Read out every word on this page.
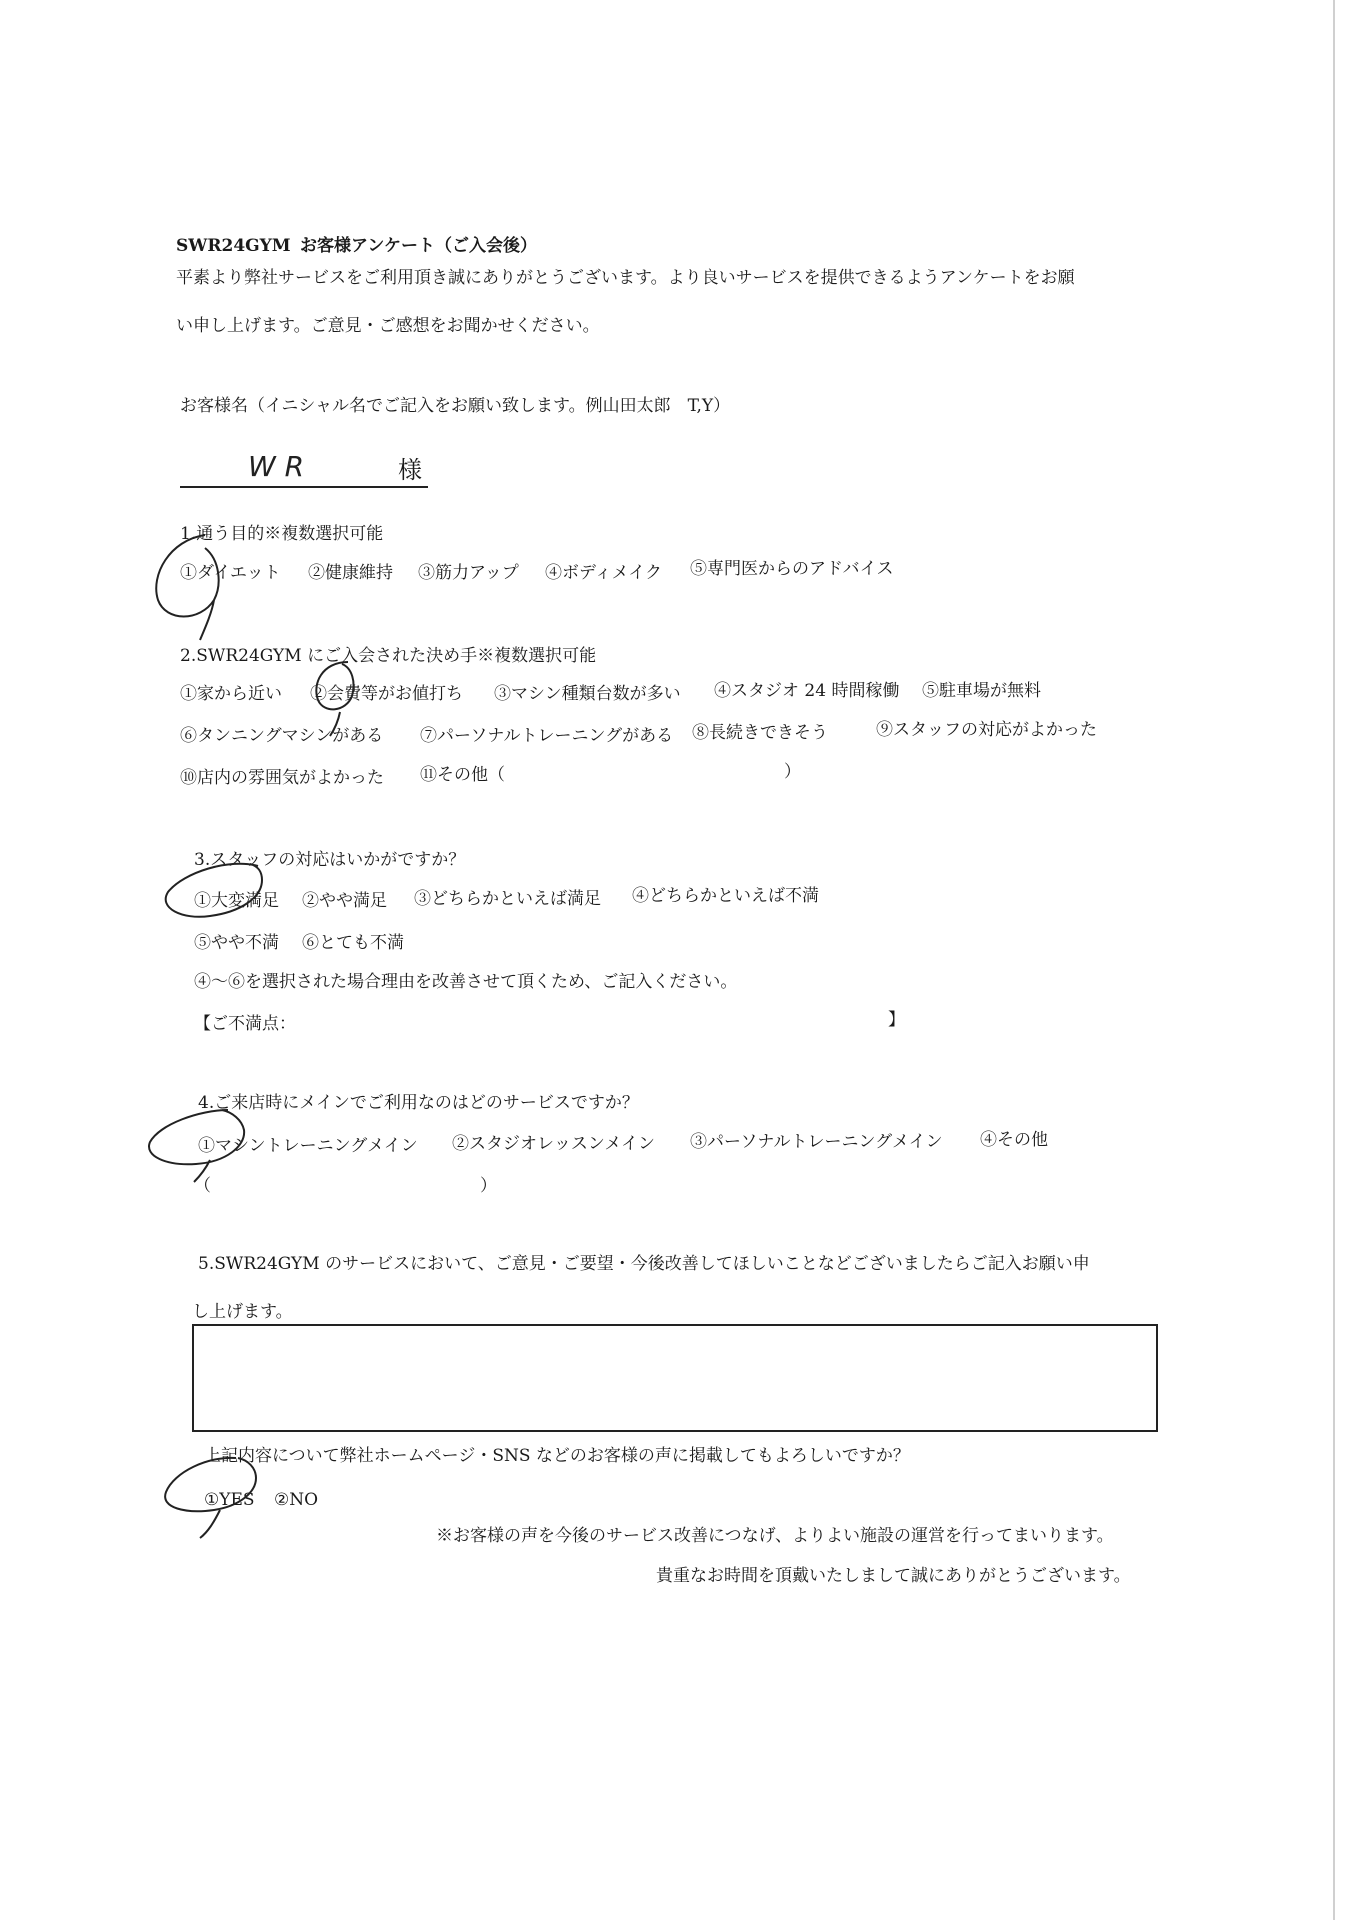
SWR24GYM お客様アンケート（ご入会後）
平素より弊社サービスをご利用頂き誠にありがとうございます。より良いサービスを提供できるようアンケートをお願
い申し上げます。ご意見・ご感想をお聞かせください。
お客様名（イニシャル名でご記入をお願い致します。例山田太郎　T,Y）
W R	様
1.通う目的※複数選択可能
①ダイエット ②健康維持 ③筋力アップ ④ボディメイク ⑤専門医からのアドバイス
2.SWR24GYM にご入会された決め手※複数選択可能
①家から近い ②会費等がお値打ち ③マシン種類台数が多い ④スタジオ 24 時間稼働 ⑤駐車場が無料
⑥タンニングマシンがある ⑦パーソナルトレーニングがある ⑧長続きできそう	⑨スタッフの対応がよかった
⑩店内の雰囲気がよかった ⑪その他（	）
3.スタッフの対応はいかがですか？
①大変満足 ②やや満足 ③どちらかといえば満足 ④どちらかといえば不満
⑤やや不満 ⑥とても不満
④～⑥を選択された場合理由を改善させて頂くため、ご記入ください。
【ご不満点：	】
4.ご来店時にメインでご利用なのはどのサービスですか？
①マシントレーニングメイン ②スタジオレッスンメイン ③パーソナルトレーニングメイン ④その他
（	）
5.SWR24GYM のサービスにおいて、ご意見・ご要望・今後改善してほしいことなどございましたらご記入お願い申
し上げます。
上記内容について弊社ホームページ・SNS などのお客様の声に掲載してもよろしいですか？
①YES ②NO
※お客様の声を今後のサービス改善につなげ、よりよい施設の運営を行ってまいります。
貴重なお時間を頂戴いたしまして誠にありがとうございます。
